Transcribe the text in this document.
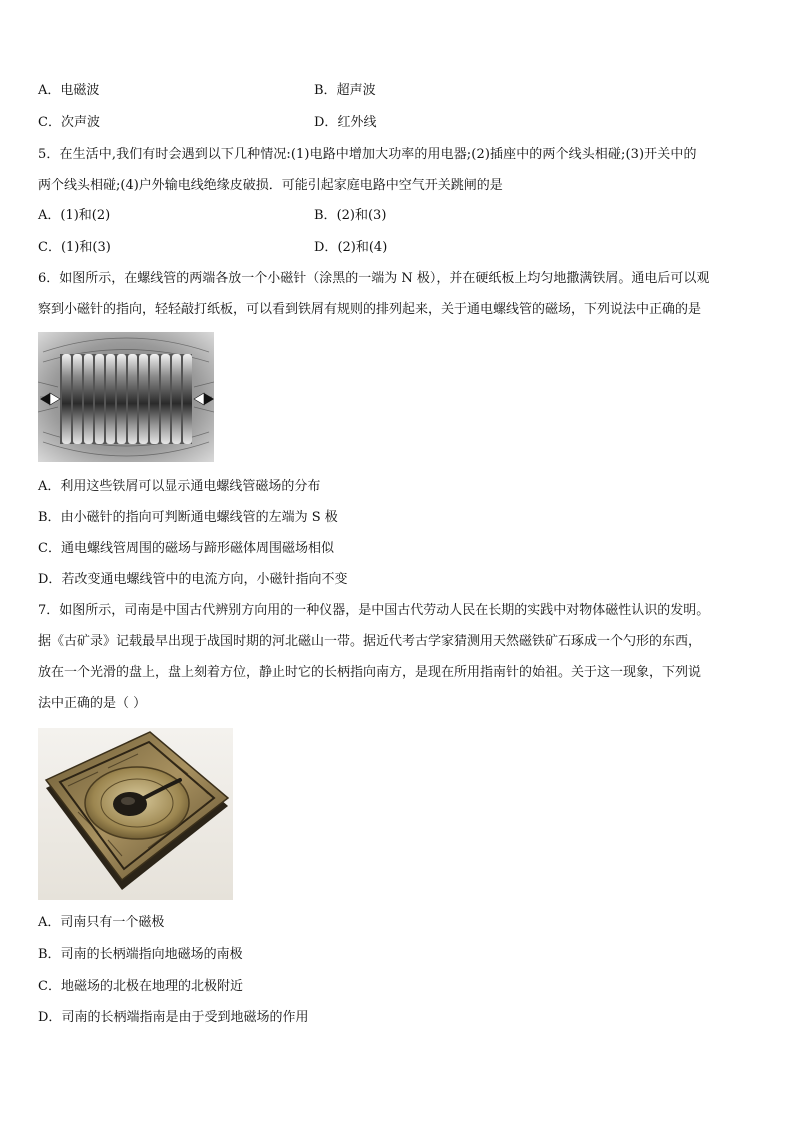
A．电磁波	B．超声波
C．次声波	D．红外线
5．在生活中,我们有时会遇到以下几种情况:(1)电路中增加大功率的用电器;(2)插座中的两个线头相碰;(3)开关中的
两个线头相碰;(4)户外输电线绝缘皮破损．可能引起家庭电路中空气开关跳闸的是
A．(1)和(2)	B．(2)和(3)
C．(1)和(3)	D．(2)和(4)
6．如图所示，在螺线管的两端各放一个小磁针（涂黑的一端为 N 极），并在硬纸板上均匀地撒满铁屑。通电后可以观
察到小磁针的指向，轻轻敲打纸板，可以看到铁屑有规则的排列起来，关于通电螺线管的磁场，下列说法中正确的是
A．利用这些铁屑可以显示通电螺线管磁场的分布
B．由小磁针的指向可判断通电螺线管的左端为 S 极
C．通电螺线管周围的磁场与蹄形磁体周围磁场相似
D．若改变通电螺线管中的电流方向，小磁针指向不变
7．如图所示，司南是中国古代辨别方向用的一种仪器，是中国古代劳动人民在长期的实践中对物体磁性认识的发明。
据《古矿录》记载最早出现于战国时期的河北磁山一带。据近代考古学家猜测用天然磁铁矿石琢成一个勺形的东西，
放在一个光滑的盘上，盘上刻着方位，静止时它的长柄指向南方，是现在所用指南针的始祖。关于这一现象，下列说
法中正确的是（ ）
A．司南只有一个磁极
B．司南的长柄端指向地磁场的南极
C．地磁场的北极在地理的北极附近
D．司南的长柄端指南是由于受到地磁场的作用
